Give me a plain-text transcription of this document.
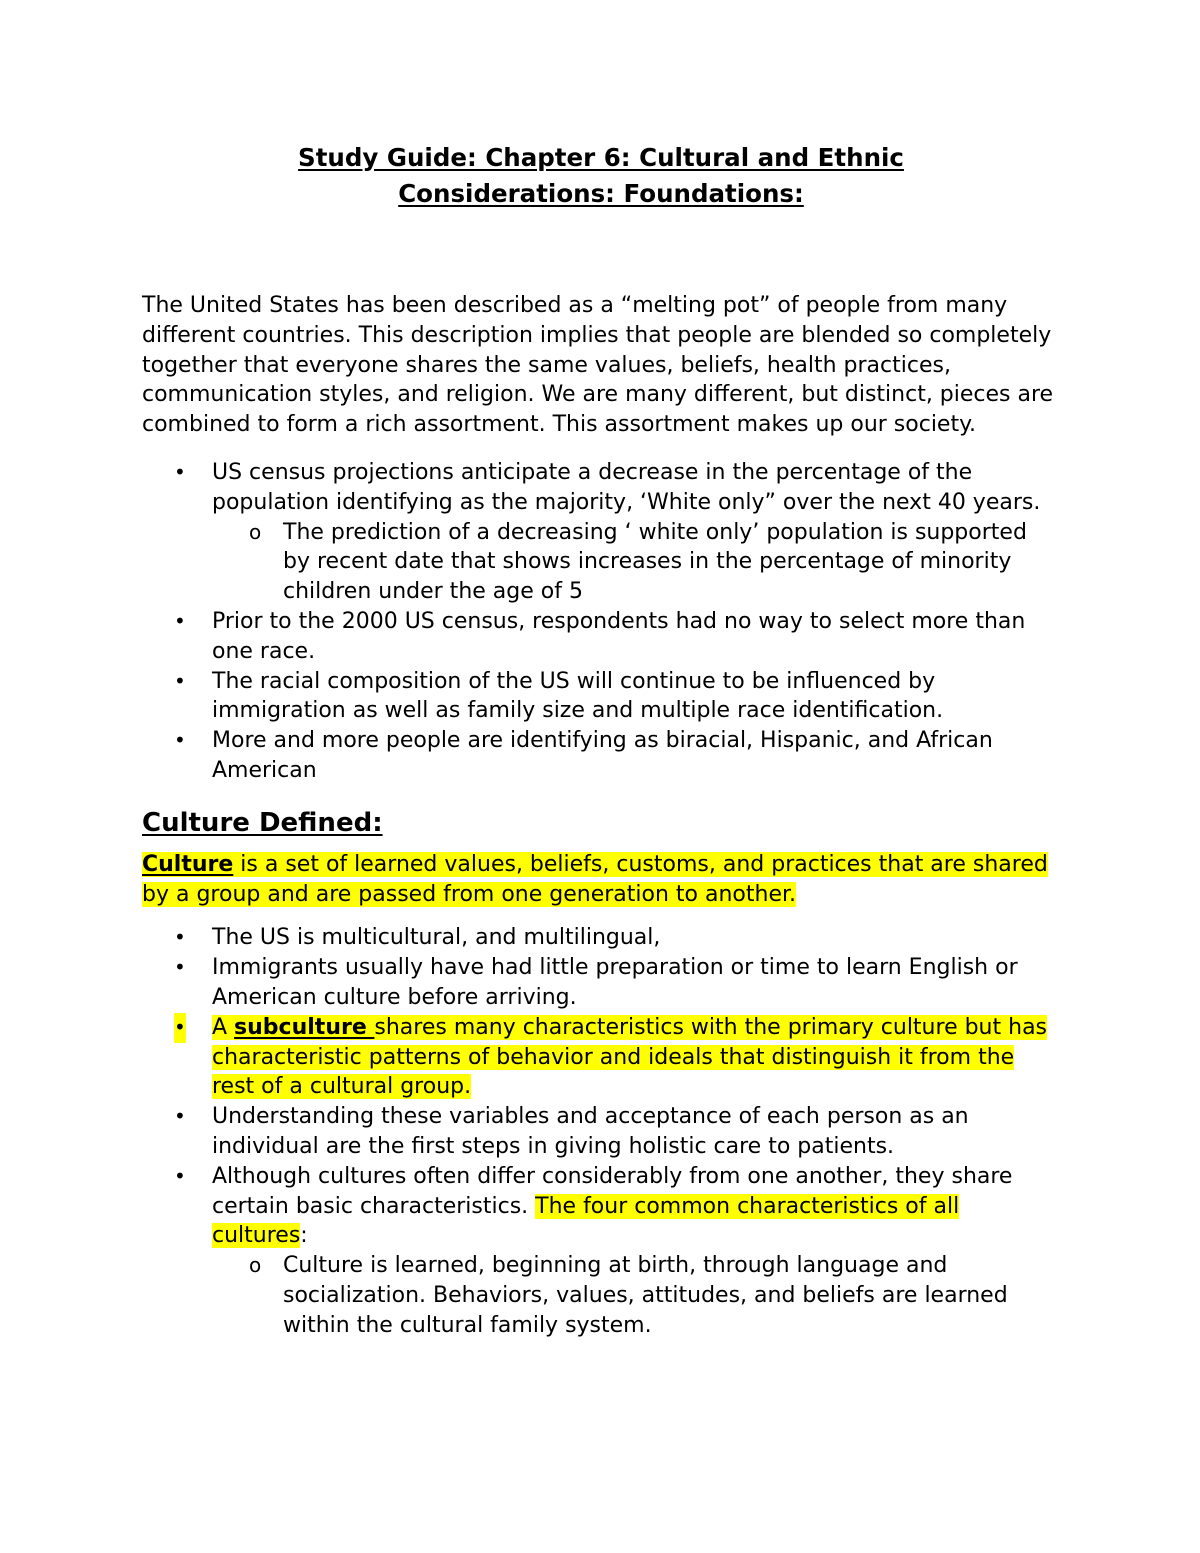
Study Guide: Chapter 6: Cultural and Ethnic
Considerations: Foundations:

The United States has been described as a “melting pot” of people from many different countries. This description implies that people are blended so completely together that everyone shares the same values, beliefs, health practices, communication styles, and religion. We are many different, but distinct, pieces are combined to form a rich assortment. This assortment makes up our society.

• US census projections anticipate a decrease in the percentage of the population identifying as the majority, ‘White only” over the next 40 years.
o The prediction of a decreasing ‘ white only’ population is supported by recent date that shows increases in the percentage of minority children under the age of 5
• Prior to the 2000 US census, respondents had no way to select more than one race.
• The racial composition of the US will continue to be influenced by immigration as well as family size and multiple race identification.
• More and more people are identifying as biracial, Hispanic, and African American
Culture Defined:

Culture is a set of learned values, beliefs, customs, and practices that are shared by a group and are passed from one generation to another.

• The US is multicultural, and multilingual,
• Immigrants usually have had little preparation or time to learn English or American culture before arriving.
• A subculture shares many characteristics with the primary culture but has characteristic patterns of behavior and ideals that distinguish it from the rest of a cultural group.
• Understanding these variables and acceptance of each person as an individual are the first steps in giving holistic care to patients.
• Although cultures often differ considerably from one another, they share certain basic characteristics. The four common characteristics of all cultures:
o Culture is learned, beginning at birth, through language and socialization. Behaviors, values, attitudes, and beliefs are learned within the cultural family system.
